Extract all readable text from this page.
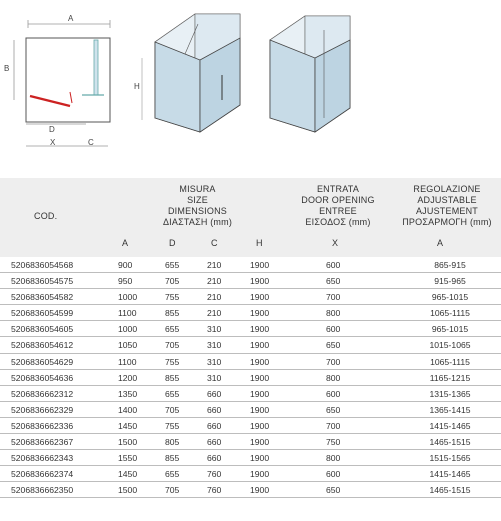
A
B
D
X	C
H
COD.
MISURA
SIZE
DIMENSIONS
ΔΙΑΣΤΑΣΗ (mm)
ENTRATA
DOOR OPENING
ENTREE
ΕΙΣΟΔΟΣ (mm)
REGOLAZIONE
ADJUSTABLE
AJUSTEMENT
ΠΡΟΣΑΡΜΟΓΗ (mm)
A	D	C	H	X	A
5206836054568	900	655	210	1900	600	865-915
5206836054575	950	705	210	1900	650	915-965
5206836054582	1000	755	210	1900	700	965-1015
5206836054599	1100	855	210	1900	800	1065-1115
5206836054605	1000	655	310	1900	600	965-1015
5206836054612	1050	705	310	1900	650	1015-1065
5206836054629	1100	755	310	1900	700	1065-1115
5206836054636	1200	855	310	1900	800	1165-1215
5206836662312	1350	655	660	1900	600	1315-1365
5206836662329	1400	705	660	1900	650	1365-1415
5206836662336	1450	755	660	1900	700	1415-1465
5206836662367	1500	805	660	1900	750	1465-1515
5206836662343	1550	855	660	1900	800	1515-1565
5206836662374	1450	655	760	1900	600	1415-1465
5206836662350	1500	705	760	1900	650	1465-1515
